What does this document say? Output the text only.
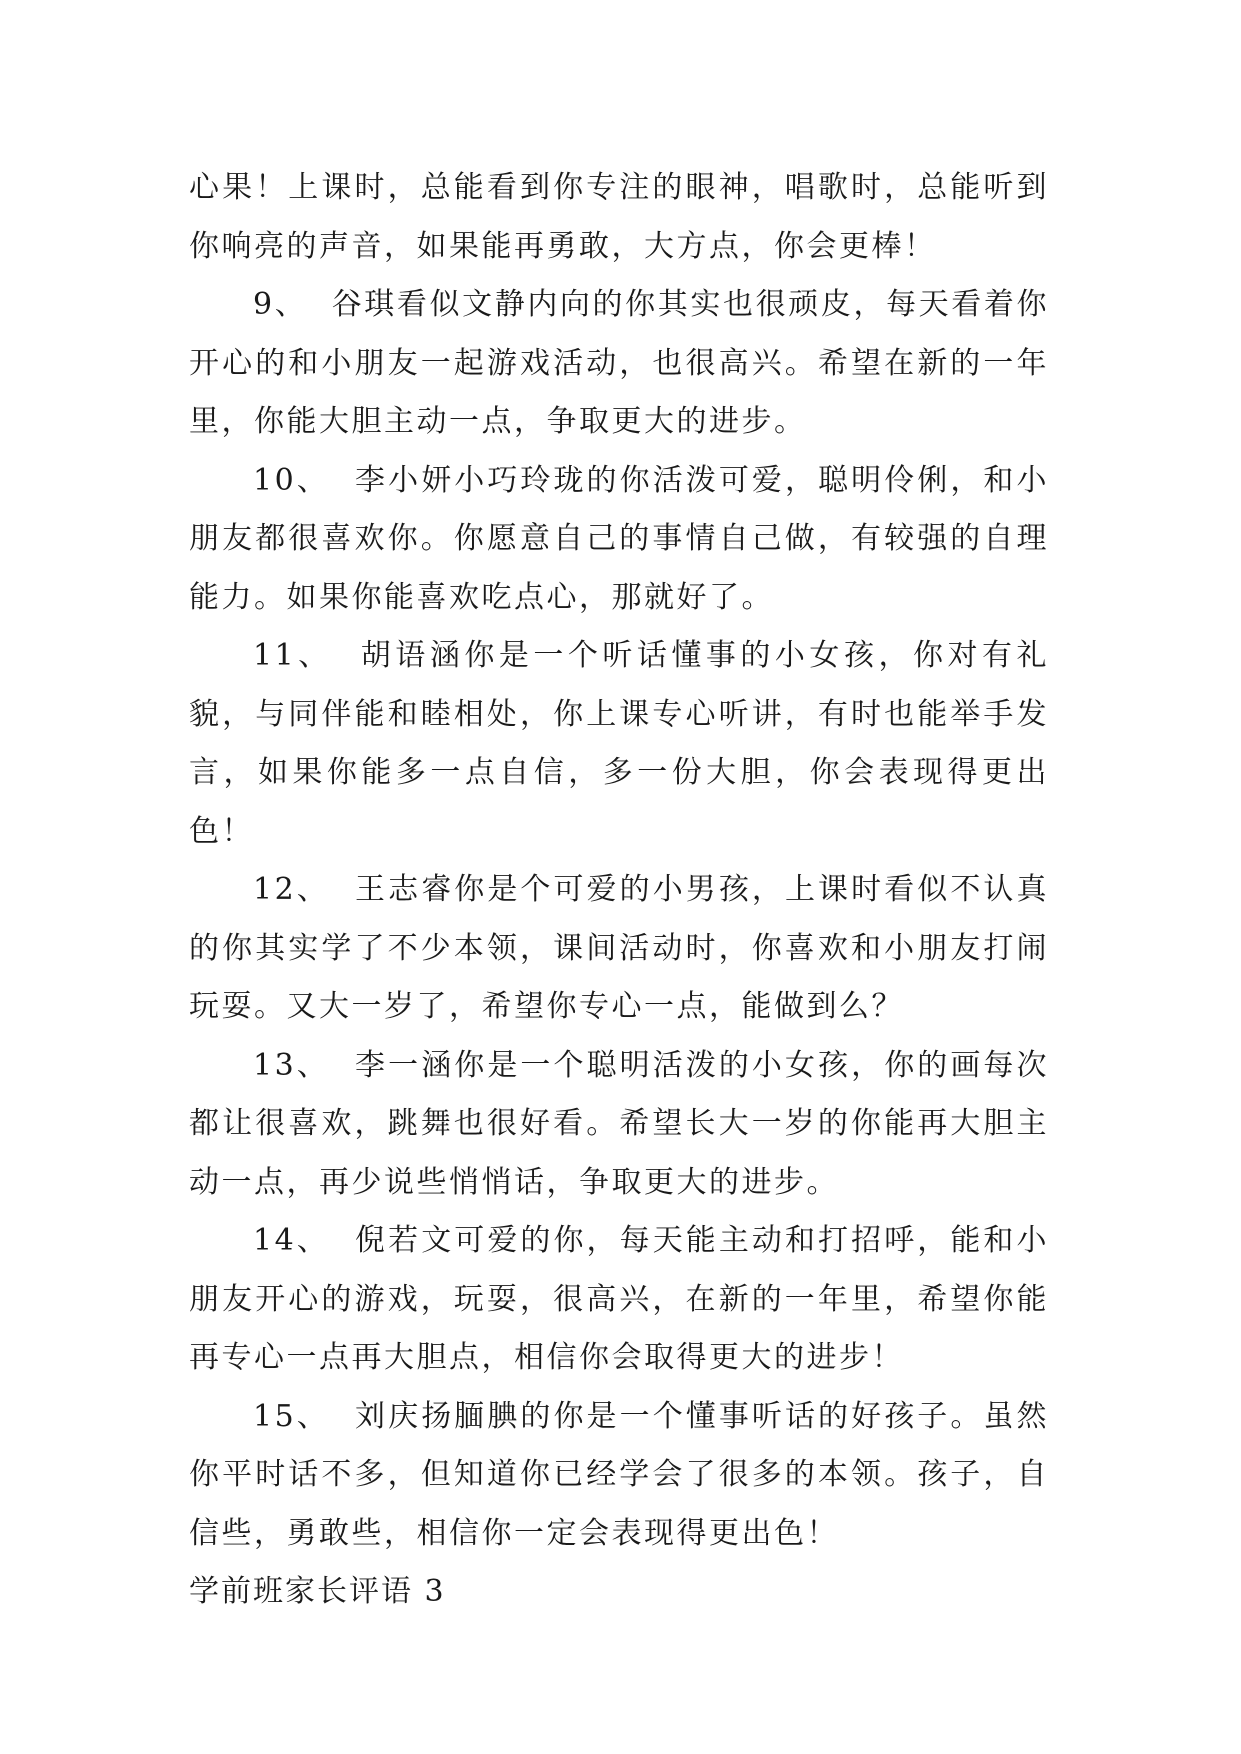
心果！上课时，总能看到你专注的眼神，唱歌时，总能听到你响亮的声音，如果能再勇敢，大方点，你会更棒！

9、 谷琪看似文静内向的你其实也很顽皮，每天看着你开心的和小朋友一起游戏活动，也很高兴。希望在新的一年里，你能大胆主动一点，争取更大的进步。

10、 李小妍小巧玲珑的你活泼可爱，聪明伶俐，和小朋友都很喜欢你。你愿意自己的事情自己做，有较强的自理能力。如果你能喜欢吃点心，那就好了。

11、 胡语涵你是一个听话懂事的小女孩，你对有礼貌，与同伴能和睦相处，你上课专心听讲，有时也能举手发言，如果你能多一点自信，多一份大胆，你会表现得更出色！

12、 王志睿你是个可爱的小男孩，上课时看似不认真的你其实学了不少本领，课间活动时，你喜欢和小朋友打闹玩耍。又大一岁了，希望你专心一点，能做到么？

13、 李一涵你是一个聪明活泼的小女孩，你的画每次都让很喜欢，跳舞也很好看。希望长大一岁的你能再大胆主动一点，再少说些悄悄话，争取更大的进步。

14、 倪若文可爱的你，每天能主动和打招呼，能和小朋友开心的游戏，玩耍，很高兴，在新的一年里，希望你能再专心一点再大胆点，相信你会取得更大的进步！

15、 刘庆扬腼腆的你是一个懂事听话的好孩子。虽然你平时话不多，但知道你已经学会了很多的本领。孩子，自信些，勇敢些，相信你一定会表现得更出色！

学前班家长评语 3
